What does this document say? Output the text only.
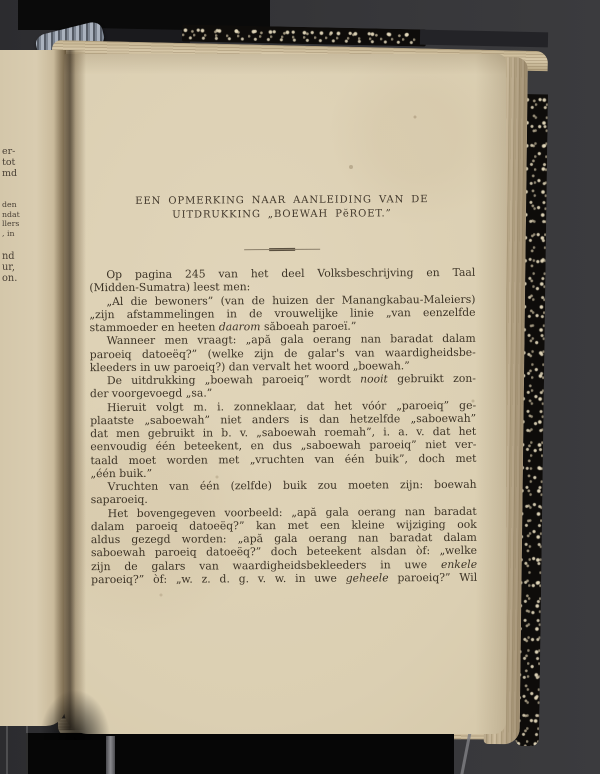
er-
tot
md
den
ndat
llers
, in
nd
ur,
on.
EEN OPMERKING NAAR AANLEIDING VAN DE
UITDRUKKING „BOEWAH PĕROET.”
Op pagina 245 van het deel Volksbeschrijving en Taal
(Midden-Sumatra) leest men:
„Al die bewoners” (van de huizen der Manangkabau-Maleiers)
„zijn afstammelingen in de vrouwelijke linie „van eenzelfde
stammoeder en heeten daarom săboeah paroeï.”
Wanneer men vraagt: „apă gala oerang nan baradat dalam
paroeiq datoeëq?” (welke zijn de galar's van waardigheidsbe-
kleeders in uw paroeiq?) dan vervalt het woord „boewah.”
De uitdrukking „boewah paroeiq” wordt nooit gebruikt zon-
der voorgevoegd „sa.”
Hieruit volgt m. i. zonneklaar, dat het vóór „paroeiq” ge-
plaatste „saboewah” niet anders is dan hetzelfde „saboewah”
dat men gebruikt in b. v. „saboewah roemah”, i. a. v. dat het
eenvoudig één beteekent, en dus „saboewah paroeiq” niet ver-
taald moet worden met „vruchten van één buik”, doch met
„één buik.”
Vruchten van één (zelfde) buik zou moeten zijn: boewah
saparoeiq.
Het bovengegeven voorbeeld: „apă gala oerang nan baradat
dalam paroeiq datoeëq?” kan met een kleine wijziging ook
aldus gezegd worden: „apă gala oerang nan baradat dalam
saboewah paroeiq datoeëq?” doch beteekent alsdan òf: „welke
zijn de galars van waardigheidsbekleeders in uwe enkele
paroeiq?” òf: „w. z. d. g. v. w. in uwe geheele paroeiq?” Wil
